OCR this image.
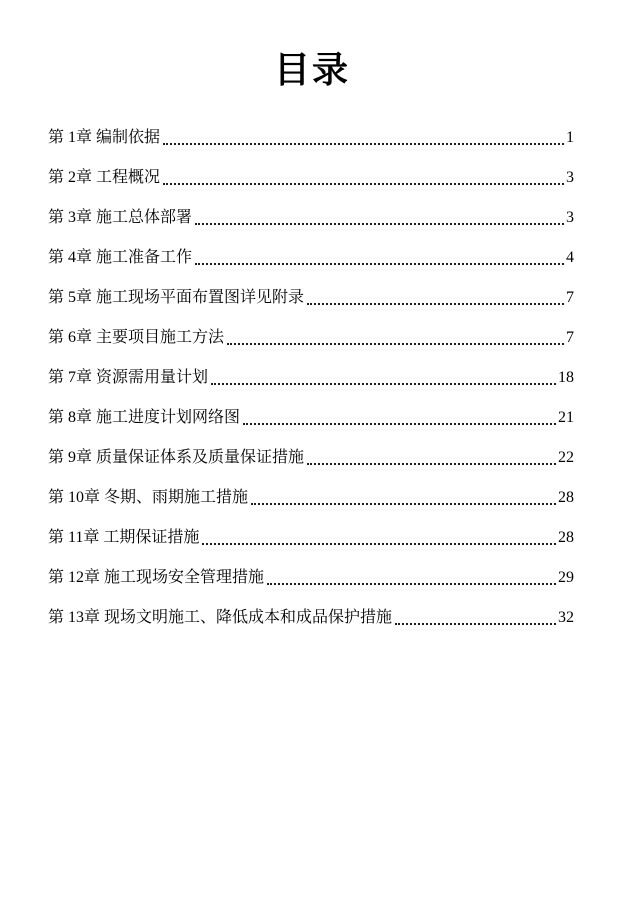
目录
第 1章 编制依据	1
第 2章 工程概况	3
第 3章 施工总体部署	3
第 4章 施工准备工作	4
第 5章 施工现场平面布置图详见附录	7
第 6章 主要项目施工方法	7
第 7章 资源需用量计划	18
第 8章 施工进度计划网络图	21
第 9章 质量保证体系及质量保证措施	22
第 10章 冬期、雨期施工措施	28
第 11章 工期保证措施	28
第 12章 施工现场安全管理措施	29
第 13章 现场文明施工、降低成本和成品保护措施	32
